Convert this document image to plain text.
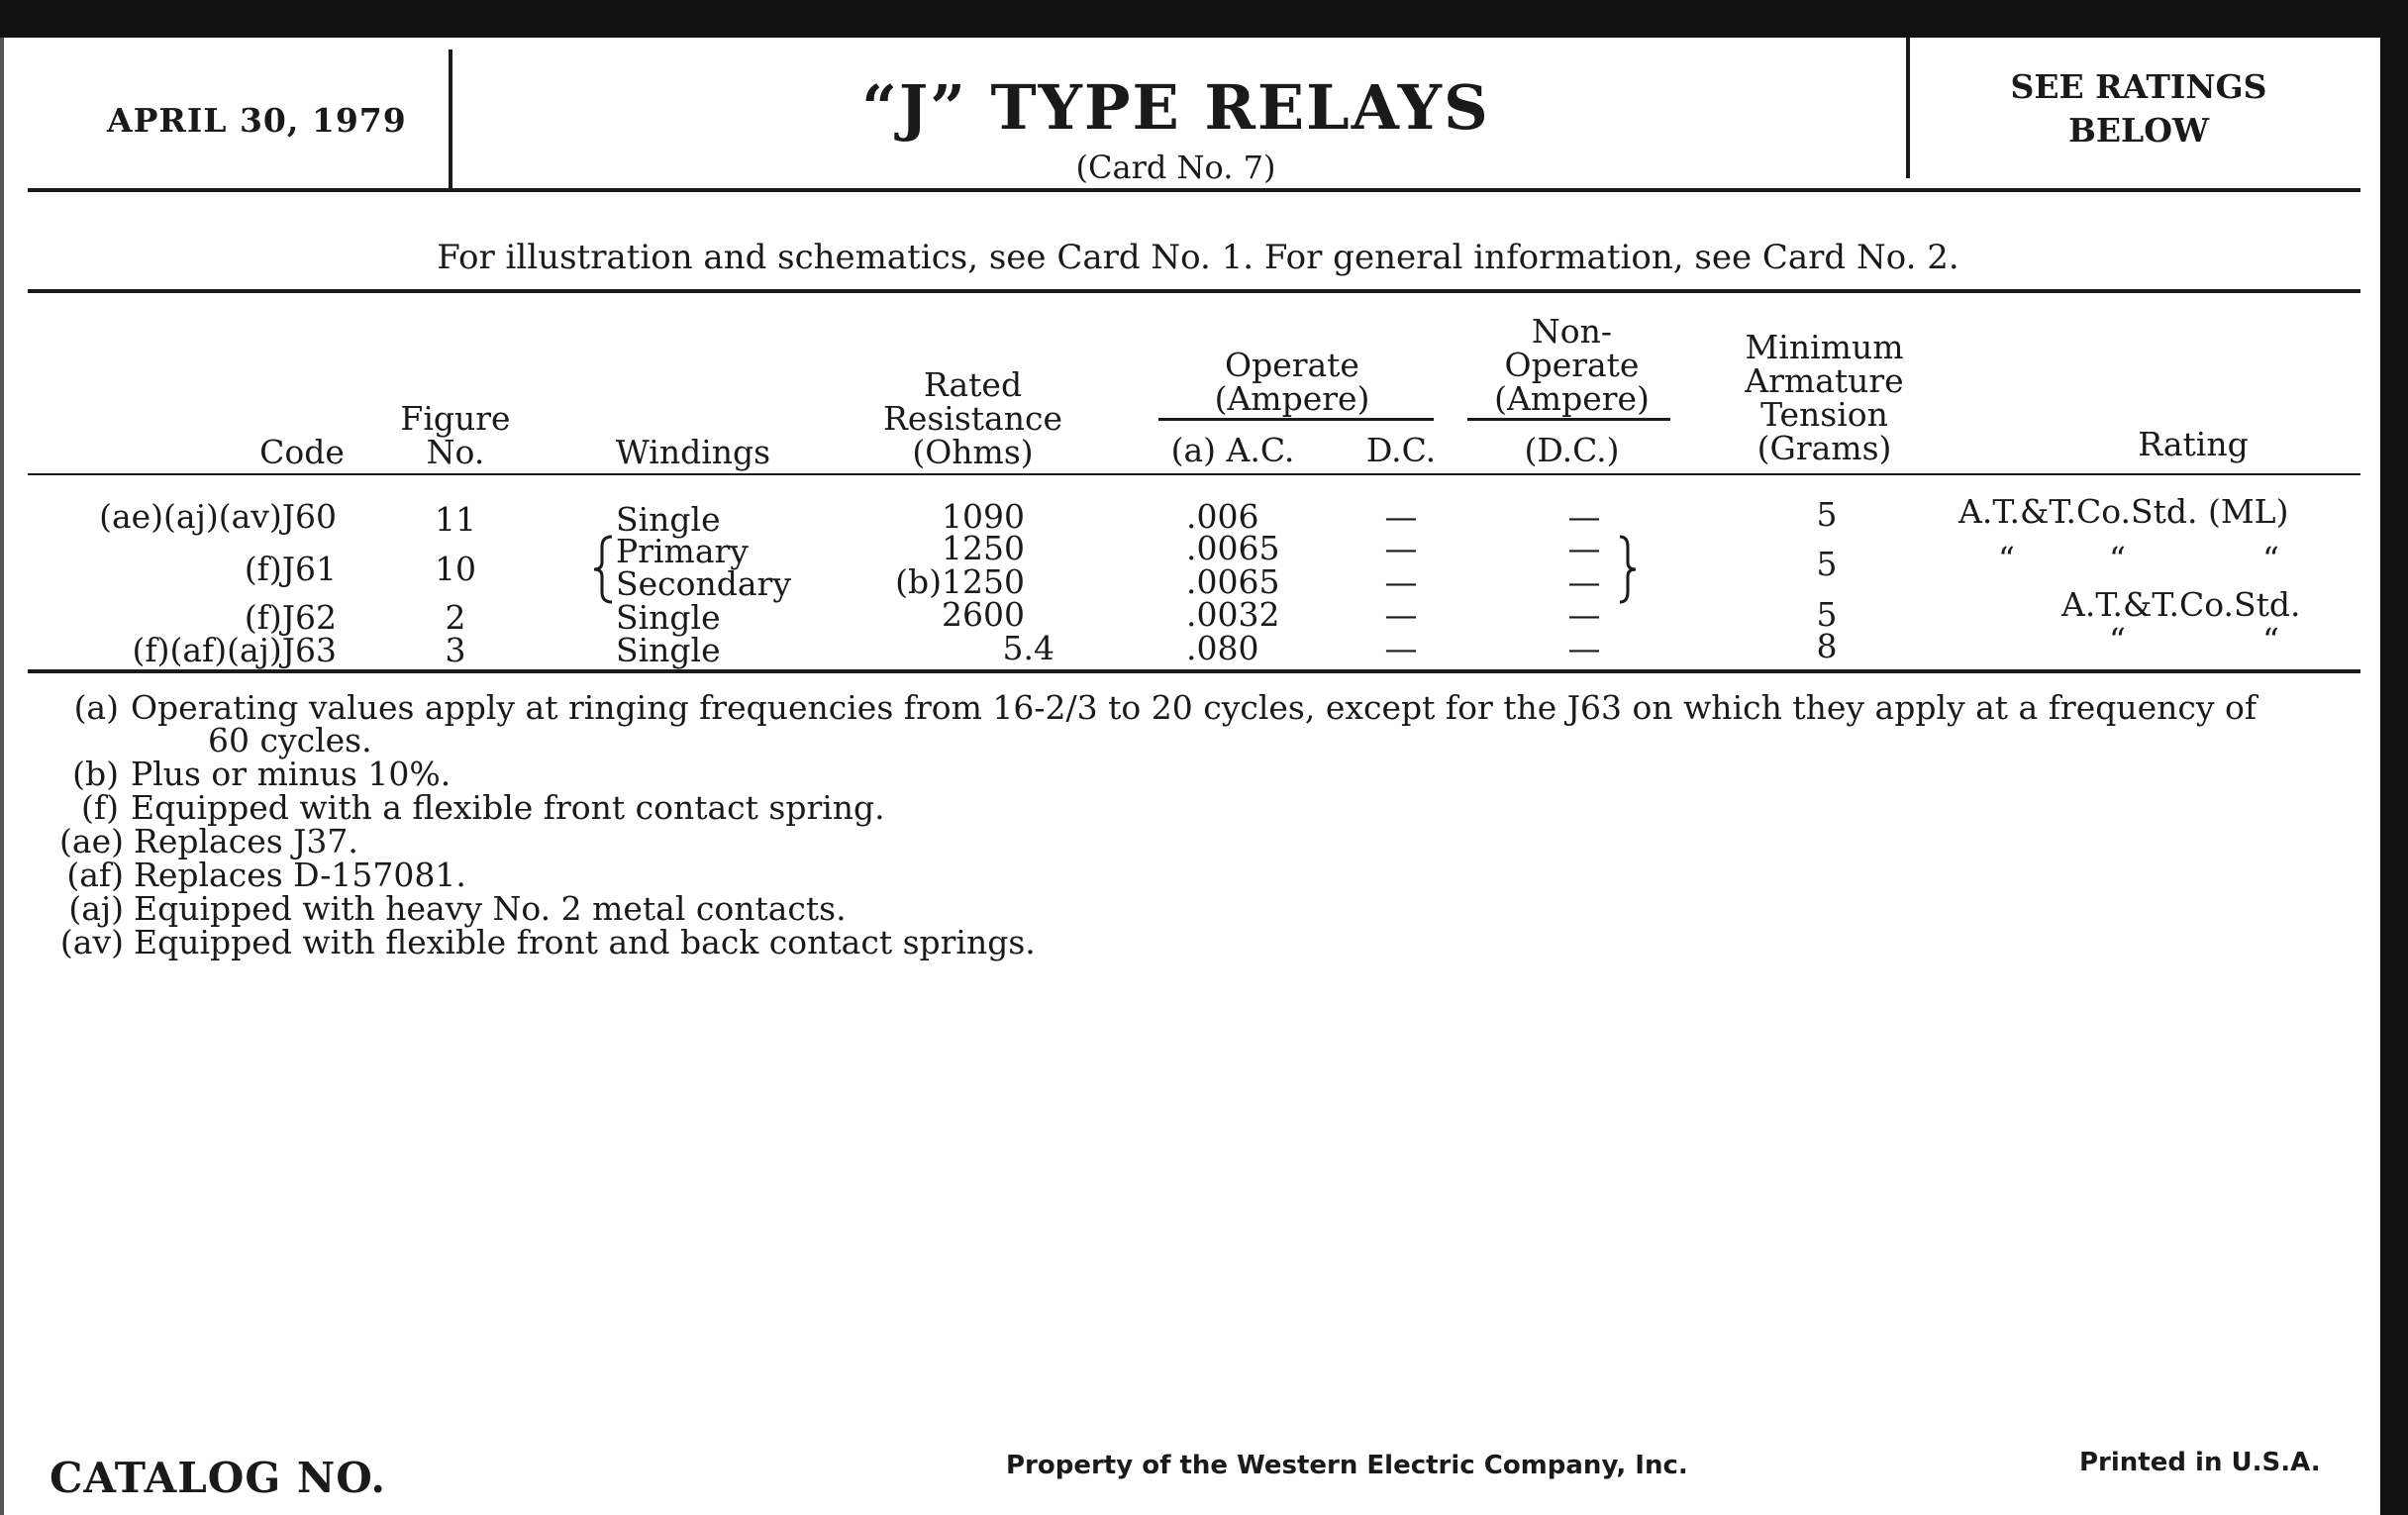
APRIL 30, 1979	“J” TYPE RELAYS
(Card No. 7)
SEE RATINGS
BELOW
For illustration and schematics, see Card No. 1. For general information, see Card No. 2.
Code
Figure
No.	Windings
Rated
Resistance
(Ohms)
Operate
(Ampere)
(a) A.C.	D.C.
Non-
Operate
(Ampere)
(D.C.)
Minimum
Armature
Tension
(Grams)	Rating
(ae)(aj)(av)J60	11	Single	1090	.006	—	—	5	A.T.&T.Co.Std. (ML)
(f)J61	10	Primary	1250	.0065	—	—	5	“	“	“
Secondary	(b)1250	.0065	—	—
(f)J62	2	Single	2600	.0032	—	—	5	A.T.&T.Co.Std.
(f)(af)(aj)J63	3	Single	5.4	.080	—	—	8	“	“
(a) Operating values apply at ringing frequencies from 16-2/3 to 20 cycles, except for the J63 on which they apply at a frequency of
60 cycles.
(b) Plus or minus 10%.
(f) Equipped with a flexible front contact spring.
(ae) Replaces J37.
(af) Replaces D-157081.
(aj) Equipped with heavy No. 2 metal contacts.
(av) Equipped with flexible front and back contact springs.
CATALOG NO.	Property of the Western Electric Company, Inc.	Printed in U.S.A.
